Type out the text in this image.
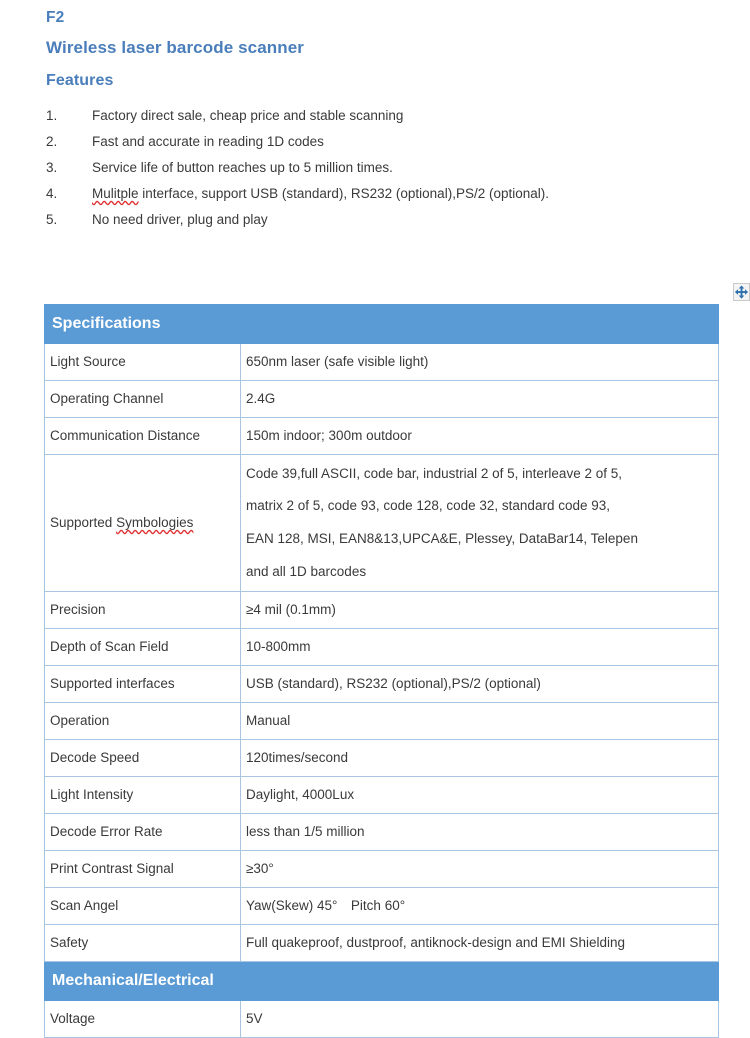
F2
Wireless laser barcode scanner
Features
1.	Factory direct sale, cheap price and stable scanning
2.	Fast and accurate in reading 1D codes
3.	Service life of button reaches up to 5 million times.
4.	Mulitple interface, support USB (standard), RS232 (optional),PS/2 (optional).
5.	No need driver, plug and play
Specifications	
Light Source	650nm laser (safe visible light)
Operating Channel	2.4G
Communication Distance	150m indoor; 300m outdoor
Supported Symbologies	Code 39,full ASCII, code bar, industrial 2 of 5, interleave 2 of 5,
matrix 2 of 5, code 93, code 128, code 32, standard code 93,
EAN 128, MSI, EAN8&13,UPCA&E, Plessey, DataBar14, Telepen
and all 1D barcodes

Precision	≥4 mil (0.1mm)
Depth of Scan Field	10-800mm
Supported interfaces	USB (standard), RS232 (optional),PS/2 (optional)
Operation	Manual
Decode Speed	120times/second
Light Intensity	Daylight, 4000Lux
Decode Error Rate	less than 1/5 million
Print Contrast Signal	≥30°
Scan Angel	Yaw(Skew) 45° Pitch 60°
Safety	Full quakeproof, dustproof, antiknock-design and EMI Shielding
Mechanical/Electrical	
Voltage	5V
